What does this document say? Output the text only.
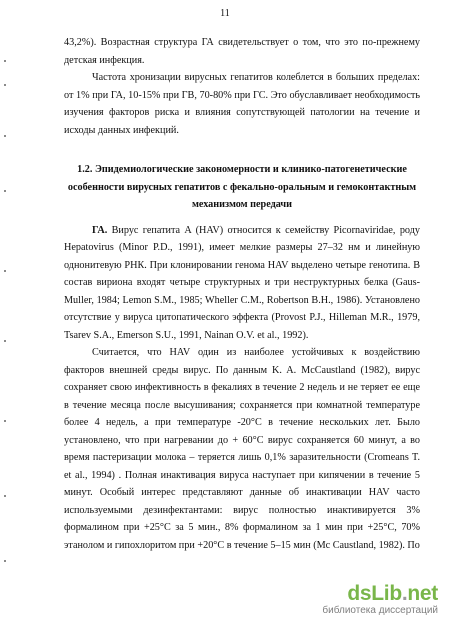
11

43,2%). Возрастная структура ГА свидетельствует о том, что это по-прежнему детская инфекция.

Частота хронизации вирусных гепатитов колеблется в больших пределах: от 1% при ГА, 10-15% при ГВ, 70-80% при ГС. Это обуславливает необходимость изучения факторов риска и влияния сопутствующей патологии на течение и исходы данных инфекций.

1.2. Эпидемиологические закономерности и клинико-патогенетические особенности вирусных гепатитов с фекально-оральным и гемоконтактным механизмом передачи

ГА. Вирус гепатита A (HAV) относится к семейству Picornaviridae, роду Hepatovirus (Minor P.D., 1991), имеет мелкие размеры 27–32 нм и линейную однонитевую РНК. При клонировании генома HAV выделено четыре генотипа. В состав вириона входят четыре структурных и три неструктурных белка (Gaus-Muller, 1984; Lemon S.M., 1985; Wheller C.M., Robertson B.H., 1986). Установлено отсутствие у вируса цитопатического эффекта (Provost P.J., Hilleman M.R., 1979, Tsarev S.A., Emerson S.U., 1991, Nainan O.V. et al., 1992).

Считается, что HAV один из наиболее устойчивых к воздействию факторов внешней среды вирус. По данным K. A. McCaustland (1982), вирус сохраняет свою инфективность в фекалиях в течение 2 недель и не теряет ее еще в течение месяца после высушивания; сохраняется при комнатной температуре более 4 недель, а при температуре -20°C в течение нескольких лет. Было установлено, что при нагревании до + 60°C вирус сохраняется 60 минут, а во время пастеризации молока – теряется лишь 0,1% заразительности (Cromeans T. et al., 1994) . Полная инактивация вируса наступает при кипячении в течение 5 минут. Особый интерес представляют данные об инактивации HAV часто используемыми дезинфектантами: вирус полностью инактивируется 3% формалином при +25°C за 5 мин., 8% формалином за 1 мин при +25°C, 70% этанолом и гипохлоритом при +20°C в течение 5–15 мин (Mc Caustland, 1982). По

dsLib.net
библиотека диссертаций
